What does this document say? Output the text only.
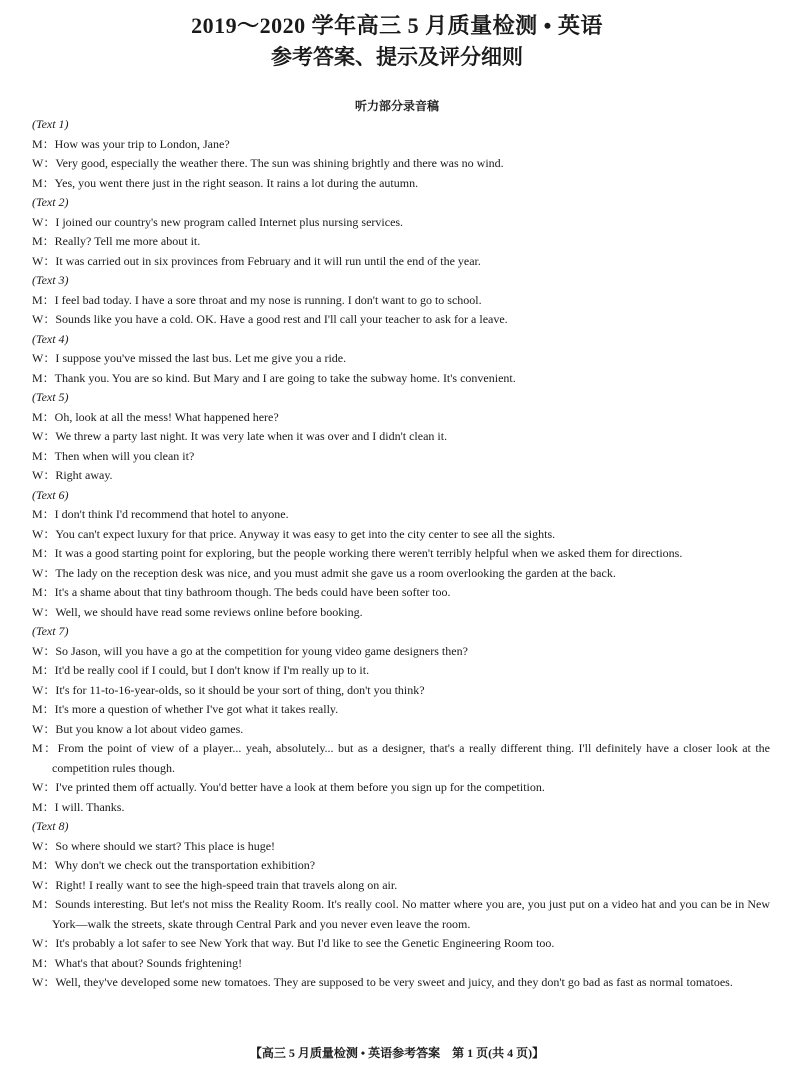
2019～2020 学年高三 5 月质量检测 • 英语
参考答案、提示及评分细则
听力部分录音稿
(Text 1)
M：How was your trip to London, Jane?
W：Very good, especially the weather there. The sun was shining brightly and there was no wind.
M：Yes, you went there just in the right season. It rains a lot during the autumn.
(Text 2)
W：I joined our country's new program called Internet plus nursing services.
M：Really? Tell me more about it.
W：It was carried out in six provinces from February and it will run until the end of the year.
(Text 3)
M：I feel bad today. I have a sore throat and my nose is running. I don't want to go to school.
W：Sounds like you have a cold. OK. Have a good rest and I'll call your teacher to ask for a leave.
(Text 4)
W：I suppose you've missed the last bus. Let me give you a ride.
M：Thank you. You are so kind. But Mary and I are going to take the subway home. It's convenient.
(Text 5)
M：Oh, look at all the mess! What happened here?
W：We threw a party last night. It was very late when it was over and I didn't clean it.
M：Then when will you clean it?
W：Right away.
(Text 6)
M：I don't think I'd recommend that hotel to anyone.
W：You can't expect luxury for that price. Anyway it was easy to get into the city center to see all the sights.
M：It was a good starting point for exploring, but the people working there weren't terribly helpful when we asked them for directions.
W：The lady on the reception desk was nice, and you must admit she gave us a room overlooking the garden at the back.
M：It's a shame about that tiny bathroom though. The beds could have been softer too.
W：Well, we should have read some reviews online before booking.
(Text 7)
W：So Jason, will you have a go at the competition for young video game designers then?
M：It'd be really cool if I could, but I don't know if I'm really up to it.
W：It's for 11-to-16-year-olds, so it should be your sort of thing, don't you think?
M：It's more a question of whether I've got what it takes really.
W：But you know a lot about video games.
M：From the point of view of a player... yeah, absolutely... but as a designer, that's a really different thing. I'll definitely have a closer look at the competition rules though.
W：I've printed them off actually. You'd better have a look at them before you sign up for the competition.
M：I will. Thanks.
(Text 8)
W：So where should we start? This place is huge!
M：Why don't we check out the transportation exhibition?
W：Right! I really want to see the high-speed train that travels along on air.
M：Sounds interesting. But let's not miss the Reality Room. It's really cool. No matter where you are, you just put on a video hat and you can be in New York—walk the streets, skate through Central Park and you never even leave the room.
W：It's probably a lot safer to see New York that way. But I'd like to see the Genetic Engineering Room too.
M：What's that about? Sounds frightening!
W：Well, they've developed some new tomatoes. They are supposed to be very sweet and juicy, and they don't go bad as fast as normal tomatoes.
【高三 5 月质量检测 • 英语参考答案　第 1 页(共 4 页)】
